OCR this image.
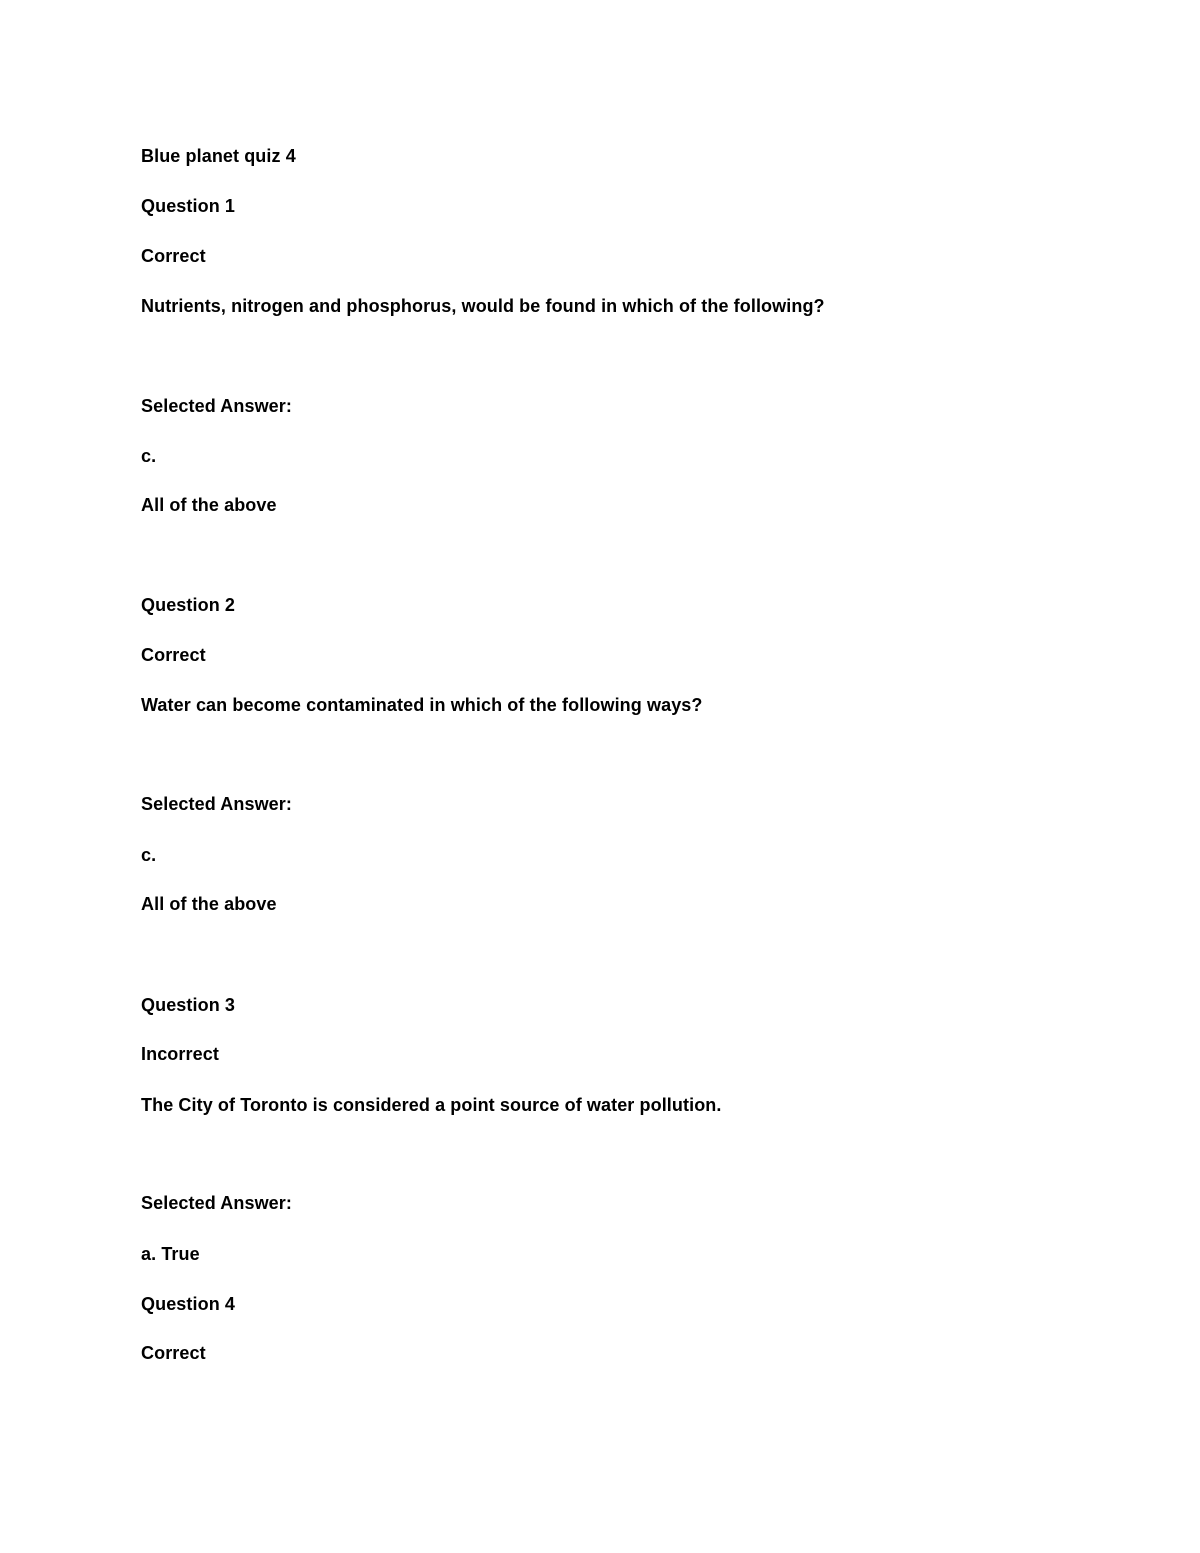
Blue planet quiz 4
Question 1
Correct
Nutrients, nitrogen and phosphorus, would be found in which of the following?
Selected Answer:
c.
All of the above
Question 2
Correct
Water can become contaminated in which of the following ways?
Selected Answer:
c.
All of the above
Question 3
Incorrect
The City of Toronto is considered a point source of water pollution.
Selected Answer:
a. True
Question 4
Correct
